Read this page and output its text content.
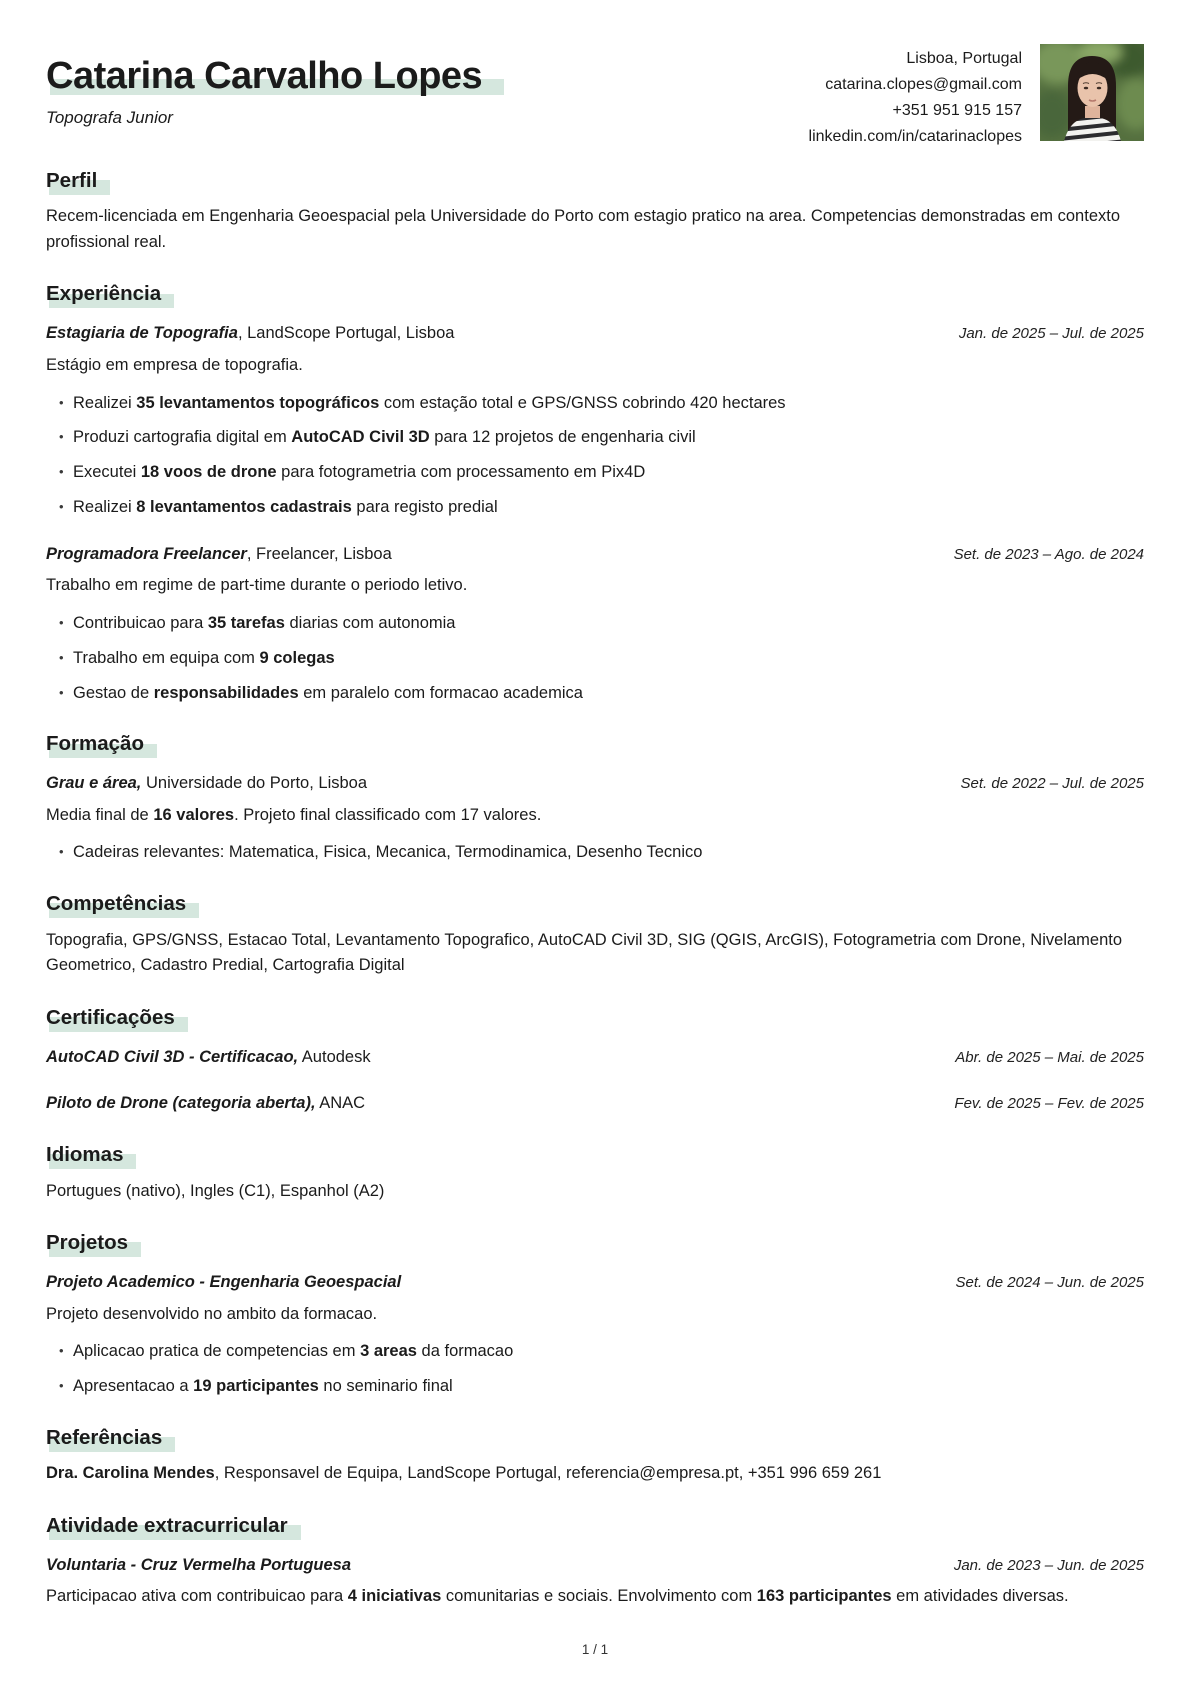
Catarina Carvalho Lopes
Topografa Junior
Lisboa, Portugal
catarina.clopes@gmail.com
+351 951 915 157
linkedin.com/in/catarinaclopes
Perfil

Recem-licenciada em Engenharia Geoespacial pela Universidade do Porto com estagio pratico na area. Competencias demonstradas em contexto profissional real.

Experiência
Estagiaria de Topografia, LandScope Portugal, Lisboa	Jan. de 2025 – Jul. de 2025

Estágio em empresa de topografia.

• Realizei 35 levantamentos topográficos com estação total e GPS/GNSS cobrindo 420 hectares
• Produzi cartografia digital em AutoCAD Civil 3D para 12 projetos de engenharia civil
• Executei 18 voos de drone para fotogrametria com processamento em Pix4D
• Realizei 8 levantamentos cadastrais para registo predial
Programadora Freelancer, Freelancer, Lisboa	Set. de 2023 – Ago. de 2024

Trabalho em regime de part-time durante o periodo letivo.

• Contribuicao para 35 tarefas diarias com autonomia
• Trabalho em equipa com 9 colegas
• Gestao de responsabilidades em paralelo com formacao academica
Formação
Grau e área, Universidade do Porto, Lisboa	Set. de 2022 – Jul. de 2025

Media final de 16 valores. Projeto final classificado com 17 valores.

• Cadeiras relevantes: Matematica, Fisica, Mecanica, Termodinamica, Desenho Tecnico
Competências

Topografia, GPS/GNSS, Estacao Total, Levantamento Topografico, AutoCAD Civil 3D, SIG (QGIS, ArcGIS), Fotogrametria com Drone, Nivelamento Geometrico, Cadastro Predial, Cartografia Digital

Certificações
AutoCAD Civil 3D - Certificacao, Autodesk	Abr. de 2025 – Mai. de 2025
Piloto de Drone (categoria aberta), ANAC	Fev. de 2025 – Fev. de 2025
Idiomas

Portugues (nativo), Ingles (C1), Espanhol (A2)

Projetos
Projeto Academico - Engenharia Geoespacial	Set. de 2024 – Jun. de 2025

Projeto desenvolvido no ambito da formacao.

• Aplicacao pratica de competencias em 3 areas da formacao
• Apresentacao a 19 participantes no seminario final
Referências

Dra. Carolina Mendes, Responsavel de Equipa, LandScope Portugal, referencia@empresa.pt, +351 996 659 261

Atividade extracurricular
Voluntaria - Cruz Vermelha Portuguesa	Jan. de 2023 – Jun. de 2025

Participacao ativa com contribuicao para 4 iniciativas comunitarias e sociais. Envolvimento com 163 participantes em atividades diversas.

1 / 1
